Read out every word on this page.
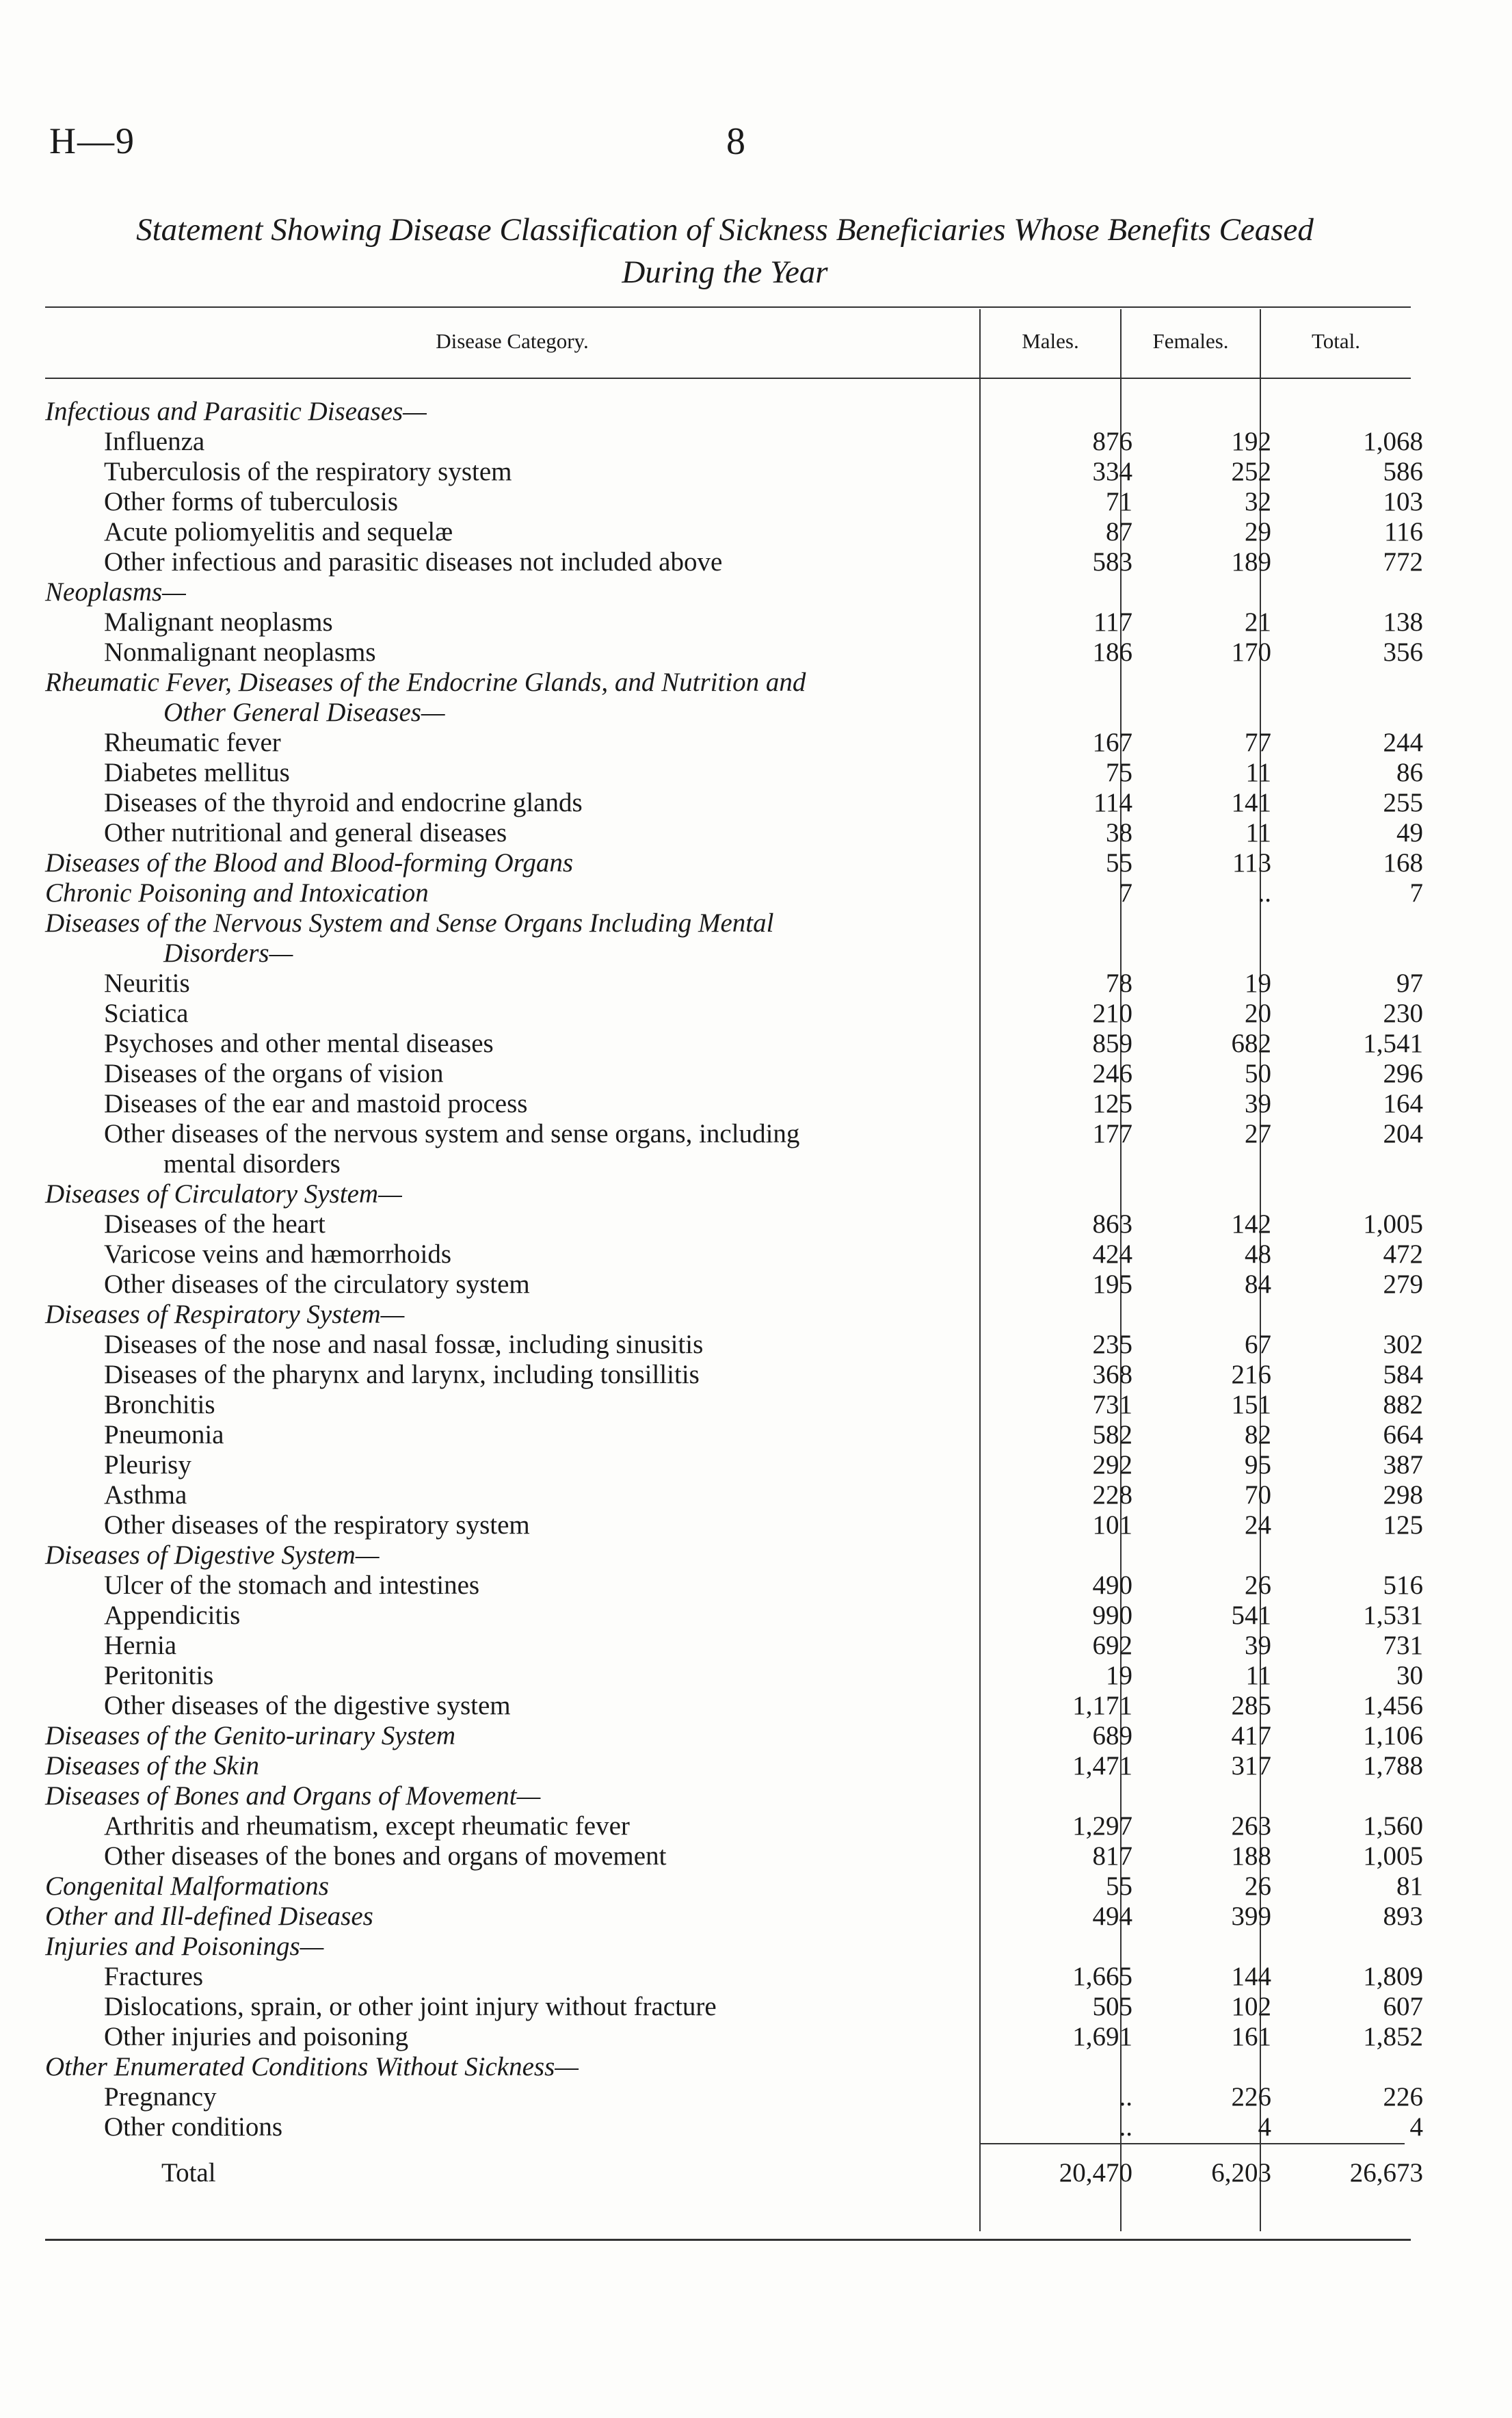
H—9	8
Statement Showing Disease Classification of Sickness Beneficiaries Whose Benefits Ceased
During the Year
Disease Category.	Males.	Females.	Total.
Infectious and Parasitic Diseases—
Influenza	876	192	1,068
Tuberculosis of the respiratory system	334	252	586
Other forms of tuberculosis	71	32	103
Acute poliomyelitis and sequelæ	87	29	116
Other infectious and parasitic diseases not included above	583	189	772
Neoplasms—
Malignant neoplasms	117	21	138
Nonmalignant neoplasms	186	170	356
Rheumatic Fever, Diseases of the Endocrine Glands, and Nutrition and
Other General Diseases—
Rheumatic fever	167	77	244
Diabetes mellitus	75	11	86
Diseases of the thyroid and endocrine glands	114	141	255
Other nutritional and general diseases	38	11	49
Diseases of the Blood and Blood-forming Organs	55	113	168
Chronic Poisoning and Intoxication	7	..	7
Diseases of the Nervous System and Sense Organs Including Mental
Disorders—
Neuritis	78	19	97
Sciatica	210	20	230
Psychoses and other mental diseases	859	682	1,541
Diseases of the organs of vision	246	50	296
Diseases of the ear and mastoid process	125	39	164
Other diseases of the nervous system and sense organs, including	177	27	204
mental disorders
Diseases of Circulatory System—
Diseases of the heart	863	142	1,005
Varicose veins and hæmorrhoids	424	48	472
Other diseases of the circulatory system	195	84	279
Diseases of Respiratory System—
Diseases of the nose and nasal fossæ, including sinusitis	235	67	302
Diseases of the pharynx and larynx, including tonsillitis	368	216	584
Bronchitis	731	151	882
Pneumonia	582	82	664
Pleurisy	292	95	387
Asthma	228	70	298
Other diseases of the respiratory system	101	24	125
Diseases of Digestive System—
Ulcer of the stomach and intestines	490	26	516
Appendicitis	990	541	1,531
Hernia	692	39	731
Peritonitis	19	11	30
Other diseases of the digestive system	1,171	285	1,456
Diseases of the Genito-urinary System	689	417	1,106
Diseases of the Skin	1,471	317	1,788
Diseases of Bones and Organs of Movement—
Arthritis and rheumatism, except rheumatic fever	1,297	263	1,560
Other diseases of the bones and organs of movement	817	188	1,005
Congenital Malformations	55	26	81
Other and Ill-defined Diseases	494	399	893
Injuries and Poisonings—
Fractures	1,665	144	1,809
Dislocations, sprain, or other joint injury without fracture	505	102	607
Other injuries and poisoning	1,691	161	1,852
Other Enumerated Conditions Without Sickness—
Pregnancy	..	226	226
Other conditions	..	4	4
Total	20,470	6,203	26,673
